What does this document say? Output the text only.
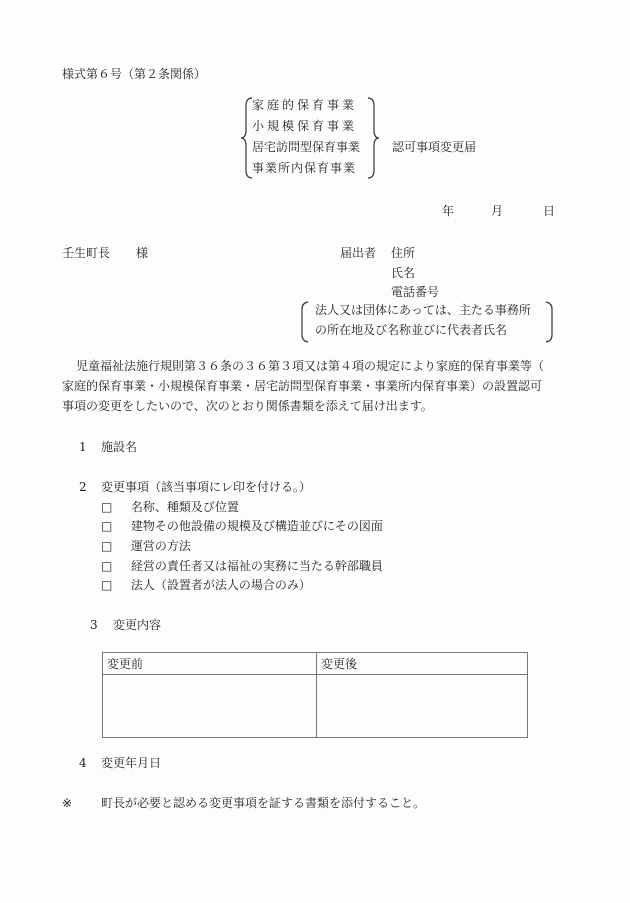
様式第６号（第２条関係）
家庭的保育事業
小規模保育事業
居宅訪問型保育事業
事業所内保育事業
認可事項変更届
年	月	日
壬生町長 様	届出者 住所
氏名
電話番号
法人又は団体にあっては、主たる事務所
の所在地及び名称並びに代表者氏名
児童福祉法施行規則第３６条の３６第３項又は第４項の規定により家庭的保育事業等（
家庭的保育事業・小規模保育事業・居宅訪問型保育事業・事業所内保育事業）の設置認可
事項の変更をしたいので、次のとおり関係書類を添えて届け出ます。
1 施設名
2 変更事項（該当事項にレ印を付ける。）
□ 名称、種類及び位置
□ 建物その他設備の規模及び構造並びにその図面
□ 運営の方法
□ 経営の責任者又は福祉の実務に当たる幹部職員
□ 法人（設置者が法人の場合のみ）
3 変更内容
変更前	変更後

4 変更年月日
※ 町長が必要と認める変更事項を証する書類を添付すること。
